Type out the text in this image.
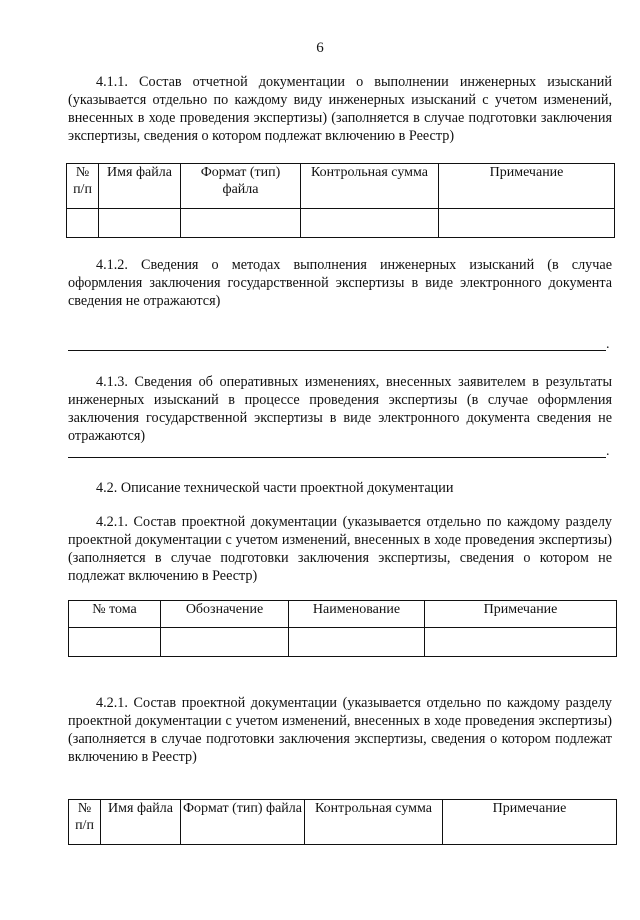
6

4.1.1. Состав отчетной документации о выполнении инженерных изысканий (указывается отдельно по каждому виду инженерных изысканий с учетом изменений, внесенных в ходе проведения экспертизы) (заполняется в случае подготовки заключения экспертизы, сведения о котором подлежат включению в Реестр)

№ п/п	Имя файла	Формат (тип) файла	Контрольная сумма	Примечание

4.1.2. Сведения о методах выполнения инженерных изысканий (в случае оформления заключения государственной экспертизы в виде электронного документа сведения не отражаются)

.

4.1.3. Сведения об оперативных изменениях, внесенных заявителем в результаты инженерных изысканий в процессе проведения экспертизы (в случае оформления заключения государственной экспертизы в виде электронного документа сведения не отражаются)

.

4.2. Описание технической части проектной документации

4.2.1. Состав проектной документации (указывается отдельно по каждому разделу проектной документации с учетом изменений, внесенных в ходе проведения экспертизы) (заполняется в случае подготовки заключения экспертизы, сведения о котором не подлежат включению в Реестр)

№ тома	Обозначение	Наименование	Примечание

4.2.1. Состав проектной документации (указывается отдельно по каждому разделу проектной документации с учетом изменений, внесенных в ходе проведения экспертизы) (заполняется в случае подготовки заключения экспертизы, сведения о котором подлежат включению в Реестр)

№ п/п	Имя файла	Формат (тип) файла	Контрольная сумма	Примечание
